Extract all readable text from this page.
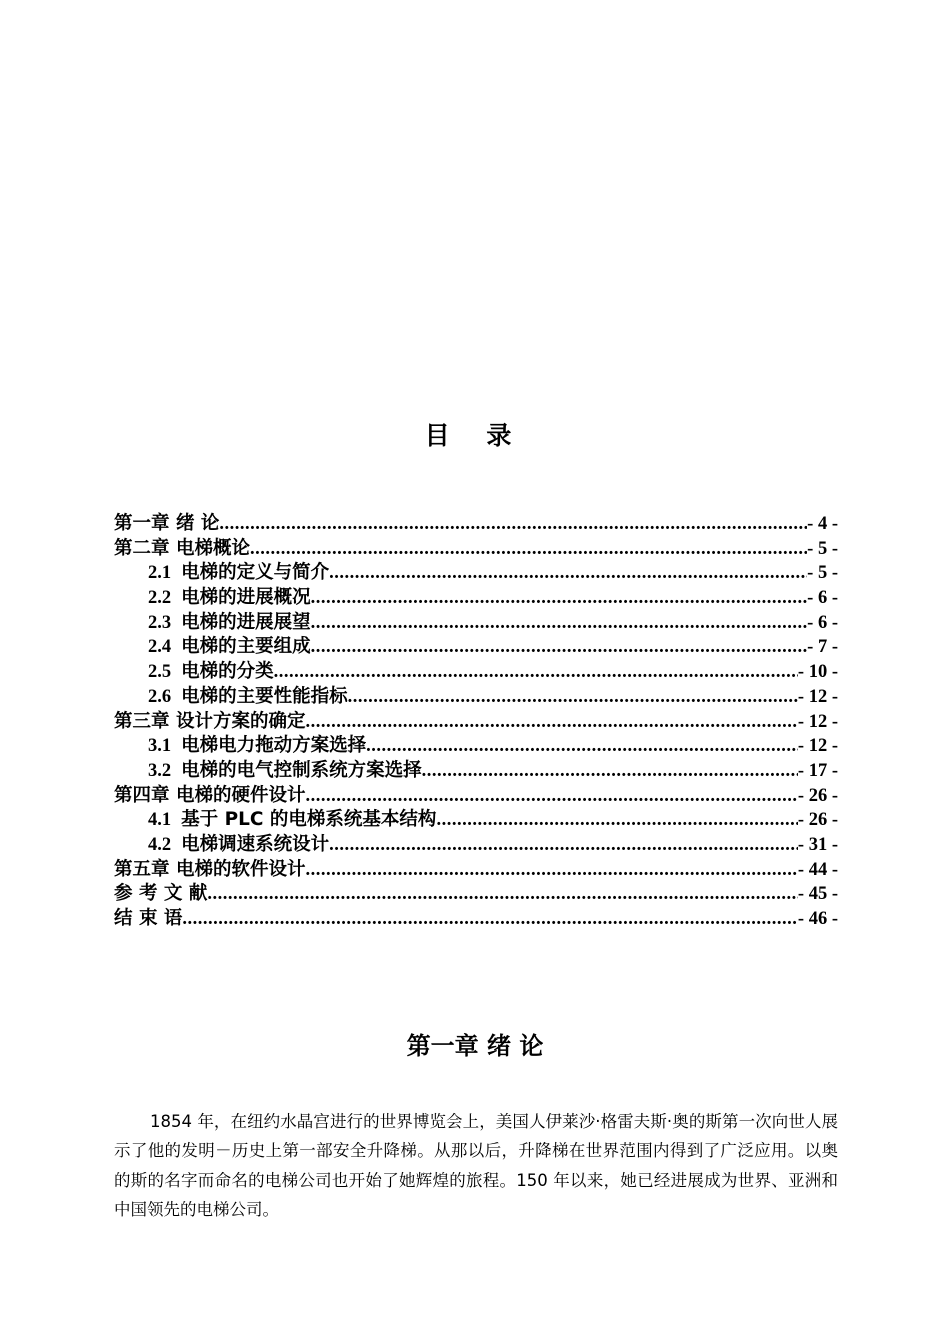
目 录
第一章 绪 论 .....	- 4 -
第二章 电梯概论 .....	- 5 -
2.1 电梯的定义与简介 .....	- 5 -
2.2 电梯的进展概况 .....	- 6 -
2.3 电梯的进展展望 .....	- 6 -
2.4 电梯的主要组成 .....	- 7 -
2.5 电梯的分类 .....	- 10 -
2.6 电梯的主要性能指标 .....	- 12 -
第三章 设计方案的确定 .....	- 12 -
3.1 电梯电力拖动方案选择 .....	- 12 -
3.2 电梯的电气控制系统方案选择 .....	- 17 -
第四章 电梯的硬件设计 .....	- 26 -
4.1 基于 PLC 的电梯系统基本结构 .....	- 26 -
4.2 电梯调速系统设计 .....	- 31 -
第五章 电梯的软件设计 .....	- 44 -
参 考 文 献 .....	- 45 -
结 束 语 .....	- 46 -
第一章 绪 论

1854 年，在纽约水晶宫进行的世界博览会上，美国人伊莱沙·格雷夫斯·奥的斯第一次向世人展示了他的发明－历史上第一部安全升降梯。从那以后，升降梯在世界范围内得到了广泛应用。以奥的斯的名字而命名的电梯公司也开始了她辉煌的旅程。150 年以来，她已经进展成为世界、亚洲和中国领先的电梯公司。
